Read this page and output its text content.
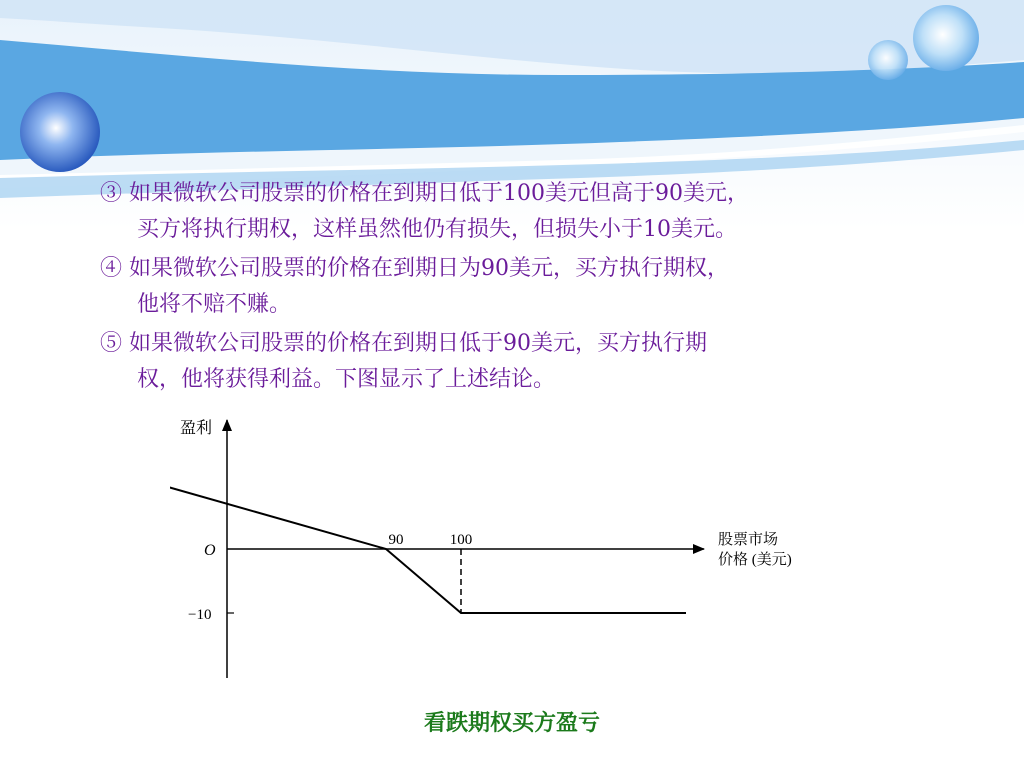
③ 如果微软公司股票的价格在到期日低于100美元但高于90美元，
买方将执行期权，这样虽然他仍有损失，但损失小于10美元。
④ 如果微软公司股票的价格在到期日为90美元，买方执行期权，
他将不赔不赚。
⑤ 如果微软公司股票的价格在到期日低于90美元，买方执行期
权，他将获得利益。下图显示了上述结论。
盈利
股票市场
价格 (美元)
O
−10
90	100
看跌期权买方盈亏
